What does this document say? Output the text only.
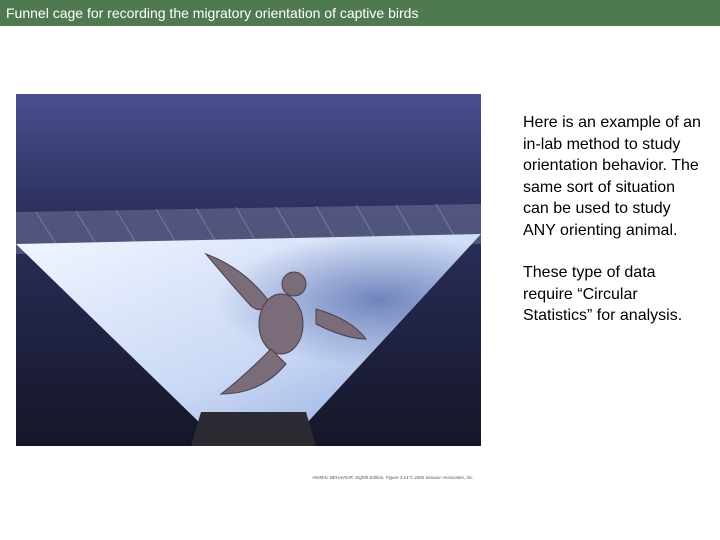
Funnel cage for recording the migratory orientation of captive birds
ANIMAL BEHAVIOR, Eighth Edition, Figure 3.14 © 2005 Sinauer Associates, Inc.

Here is an example of an in-lab method to study orientation behavior. The same sort of situation can be used to study ANY orienting animal.

These type of data require “Circular Statistics” for analysis.
